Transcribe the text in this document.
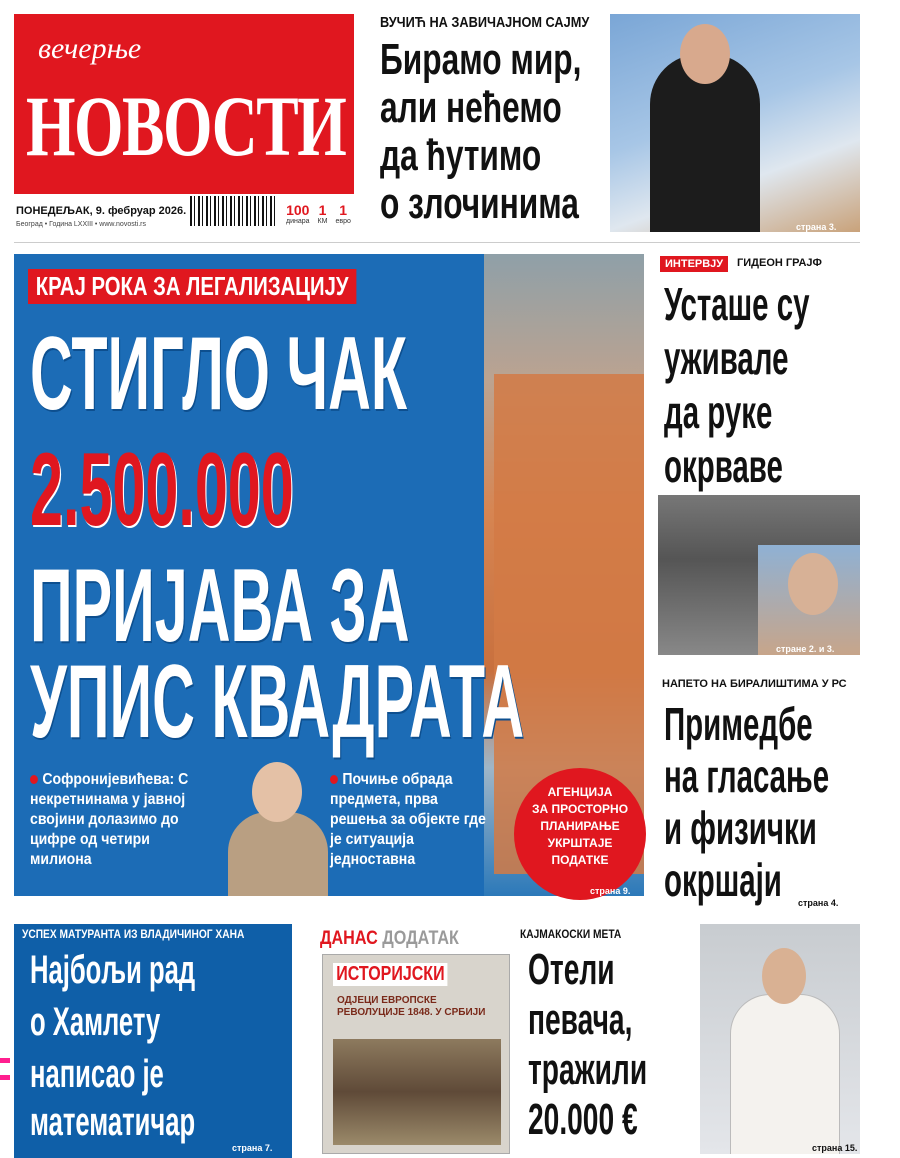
вечерње
НОВОСТИ
ПОНЕДЕЉАК, 9. фебруар 2026.
Београд • Година LXXIII • www.novosti.rs
100
динара
1
КМ
1
евро
ВУЧИЋ НА ЗАВИЧАЈНОМ САЈМУ
Бирамо мир,
али нећемо
да ћутимо
о злочинима	страна 3.
КРАЈ РОКА ЗА ЛЕГАЛИЗАЦИЈУ
СТИГЛО ЧАК
2.500.000
ПРИЈАВА ЗА
УПИС КВАДРАТА
Софронијевићева: С некретнинама у јавној својини долазимо до цифре од четири милиона
Почиње обрада предмета, прва решења за објекте где је ситуација једноставна
АГЕНЦИЈА
ЗА ПРОСТОРНО
ПЛАНИРАЊЕ
УКРШТАЈЕ
ПОДАТКЕ
страна 9.
ИНТЕРВЈУ	ГИДЕОН ГРАЈФ
Усташе су
уживале
да руке
окрваве
стране 2. и 3.
НАПЕТО НА БИРАЛИШТИМА У РС
Примедбе
на гласање
и физички
окршаји страна 4.
УСПЕХ МАТУРАНТА ИЗ ВЛАДИЧИНОГ ХАНА
Најбољи рад
о Хамлету
написао је
математичар
страна 7.
ДАНАС ДОДАТАК
ИСТОРИЈСКИ
ОДЈЕЦИ ЕВРОПСКЕ РЕВОЛУЦИЈЕ 1848. У СРБИЈИ
КАЈМАКОСКИ МЕТА
Отели
певача,
тражили
20.000 €
страна 15.
